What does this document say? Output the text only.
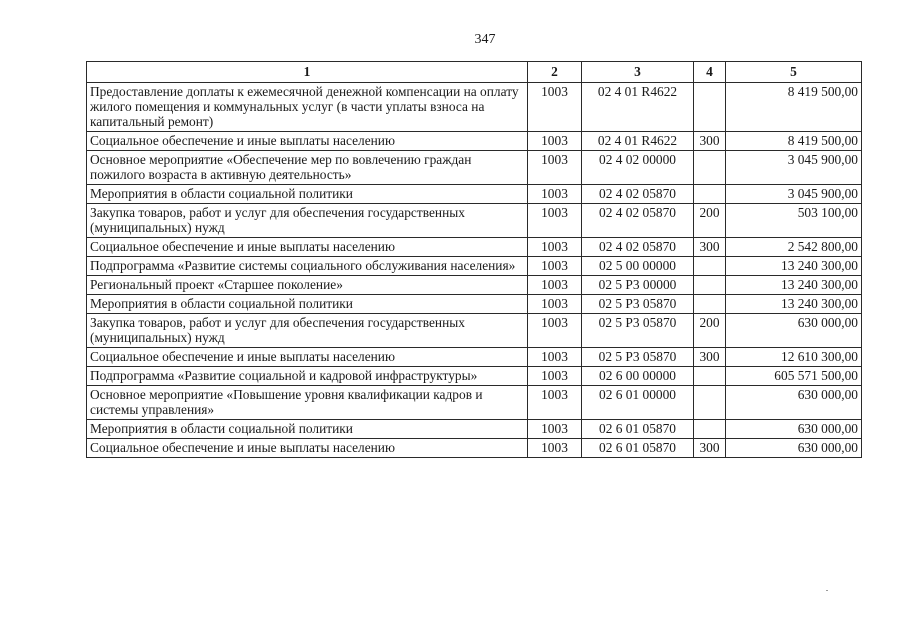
347
1	2	3	4	5
Предоставление доплаты к ежемесячной денежной компенсации на оплату жилого помещения и коммунальных услуг (в части уплаты взноса на капитальный ремонт)	1003	02 4 01 R4622		8 419 500,00
Социальное обеспечение и иные выплаты населению	1003	02 4 01 R4622	300	8 419 500,00
Основное мероприятие «Обеспечение мер по вовлечению граждан пожилого возраста в активную деятельность»	1003	02 4 02 00000		3 045 900,00
Мероприятия в области социальной политики	1003	02 4 02 05870		3 045 900,00
Закупка товаров, работ и услуг для обеспечения государственных (муниципальных) нужд	1003	02 4 02 05870	200	503 100,00
Социальное обеспечение и иные выплаты населению	1003	02 4 02 05870	300	2 542 800,00
Подпрограмма «Развитие системы социального обслуживания населения»	1003	02 5 00 00000		13 240 300,00
Региональный проект «Старшее поколение»	1003	02 5 P3 00000		13 240 300,00
Мероприятия в области социальной политики	1003	02 5 P3 05870		13 240 300,00
Закупка товаров, работ и услуг для обеспечения государственных (муниципальных) нужд	1003	02 5 P3 05870	200	630 000,00
Социальное обеспечение и иные выплаты населению	1003	02 5 P3 05870	300	12 610 300,00
Подпрограмма «Развитие социальной и кадровой инфраструктуры»	1003	02 6 00 00000		605 571 500,00
Основное мероприятие «Повышение уровня квалификации кадров и системы управления»	1003	02 6 01 00000		630 000,00
Мероприятия в области социальной политики	1003	02 6 01 05870		630 000,00
Социальное обеспечение и иные выплаты населению	1003	02 6 01 05870	300	630 000,00
